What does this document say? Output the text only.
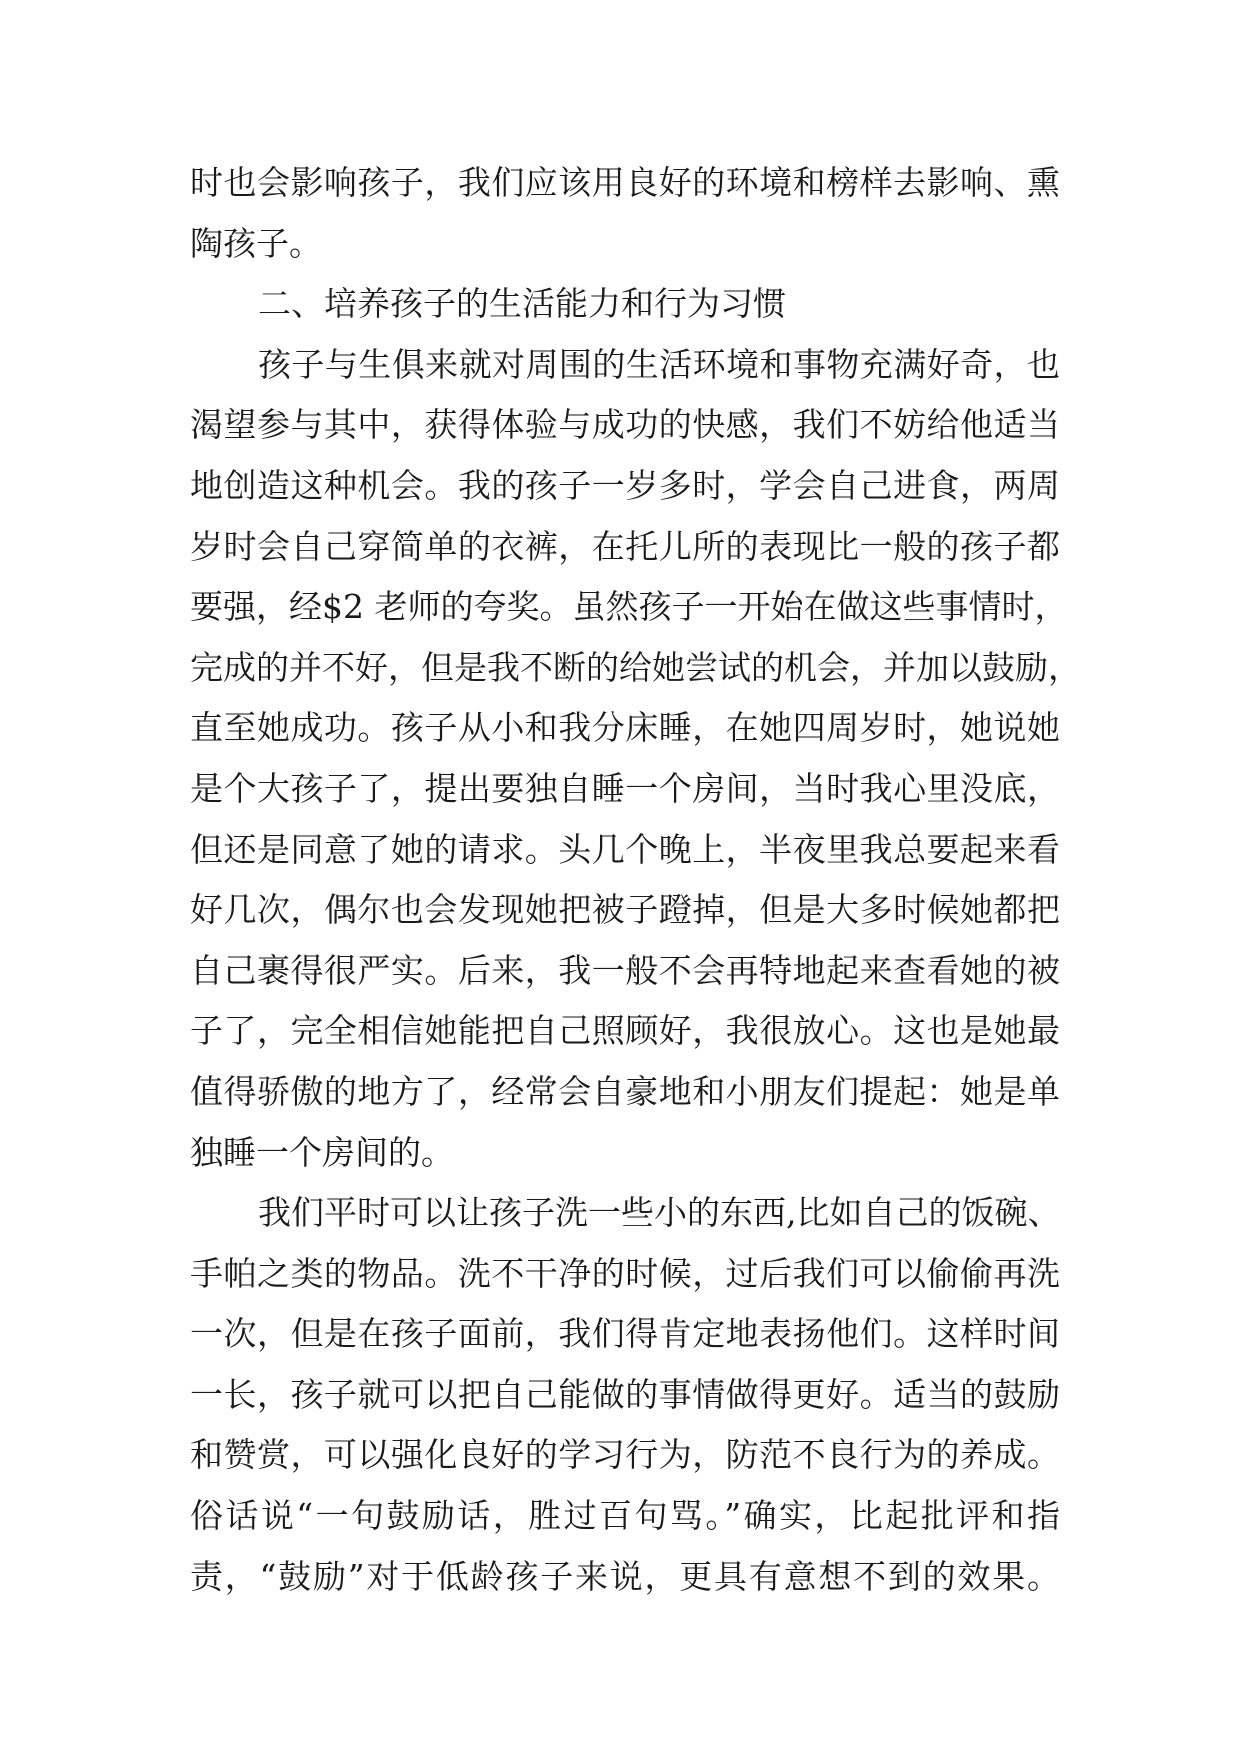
时也会影响孩子，我们应该用良好的环境和榜样去影响、熏
陶孩子。
二、培养孩子的生活能力和行为习惯
孩子与生俱来就对周围的生活环境和事物充满好奇，也
渴望参与其中，获得体验与成功的快感，我们不妨给他适当
地创造这种机会。我的孩子一岁多时，学会自己进食，两周
岁时会自己穿简单的衣裤，在托儿所的表现比一般的孩子都
要强，经$2 老师的夸奖。虽然孩子一开始在做这些事情时，
完成的并不好，但是我不断的给她尝试的机会，并加以鼓励，
直至她成功。孩子从小和我分床睡，在她四周岁时，她说她
是个大孩子了，提出要独自睡一个房间，当时我心里没底，
但还是同意了她的请求。头几个晚上，半夜里我总要起来看
好几次，偶尔也会发现她把被子蹬掉，但是大多时候她都把
自己裹得很严实。后来，我一般不会再特地起来查看她的被
子了，完全相信她能把自己照顾好，我很放心。这也是她最
值得骄傲的地方了，经常会自豪地和小朋友们提起：她是单
独睡一个房间的。
我们平时可以让孩子洗一些小的东西,比如自己的饭碗、
手帕之类的物品。洗不干净的时候，过后我们可以偷偷再洗
一次，但是在孩子面前，我们得肯定地表扬他们。这样时间
一长，孩子就可以把自己能做的事情做得更好。适当的鼓励
和赞赏，可以强化良好的学习行为，防范不良行为的养成。
俗话说“一句鼓励话，胜过百句骂。”确实，比起批评和指
责，“鼓励”对于低龄孩子来说，更具有意想不到的效果。
